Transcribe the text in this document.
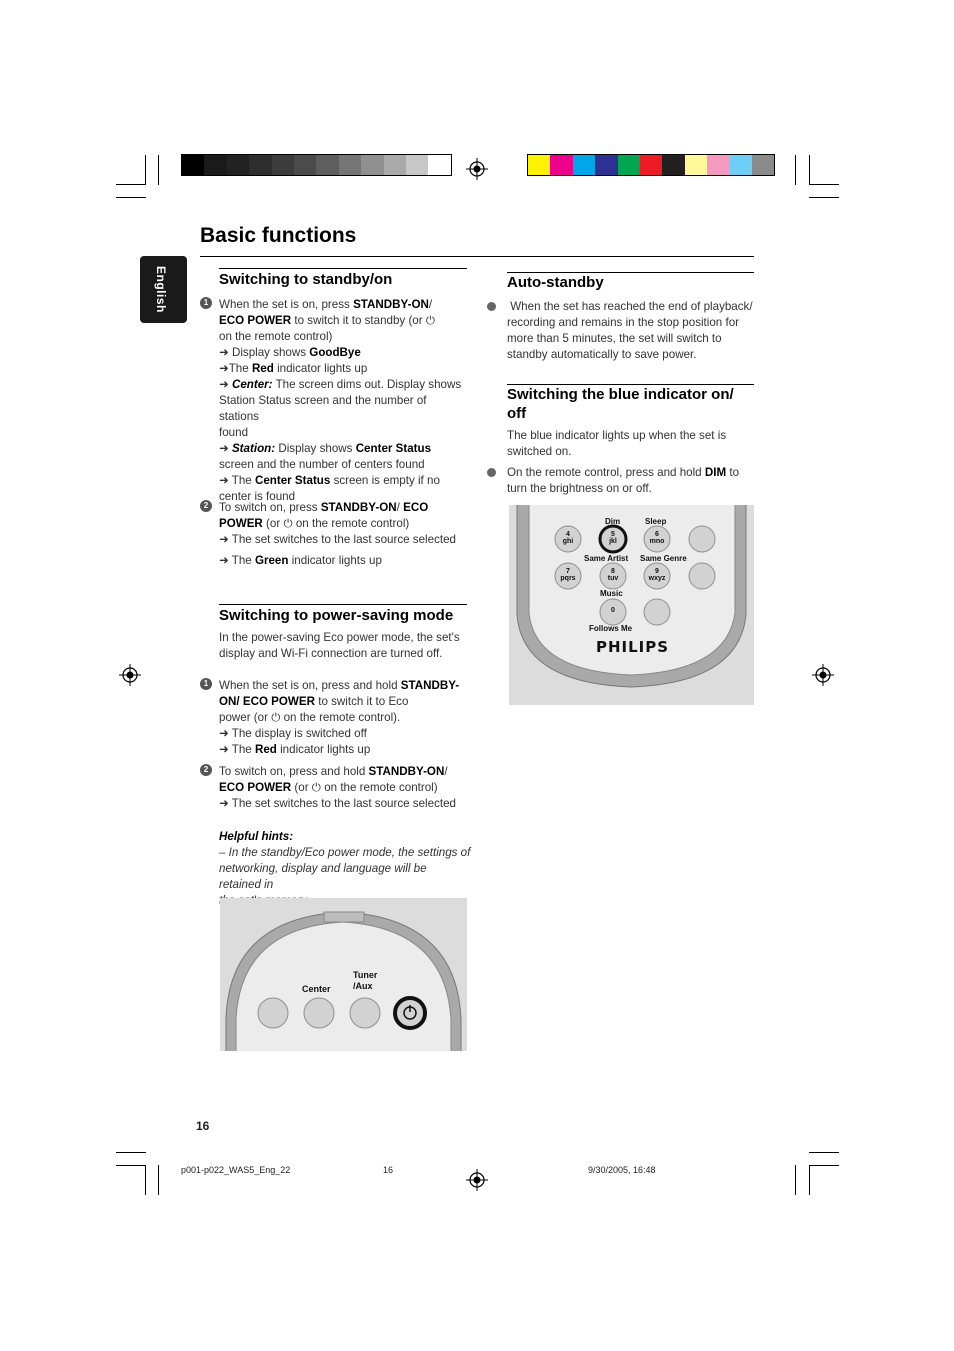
Basic functions
English	Switching to standby/on
1 When the set is on, press STANDBY-ON/
ECO POWER to switch it to standby (or ⏻
on the remote control)
➜ Display shows GoodBye
➜The Red indicator lights up
➜ Center: The screen dims out. Display shows
Station Status screen and the number of stations
found
➜ Station: Display shows Center Status
screen and the number of centers found
➜ The Center Status screen is empty if no
center is found
2 To switch on, press STANDBY-ON/ ECO
POWER (or ⏻ on the remote control)
➜ The set switches to the last source selected

➜ The Green indicator lights up
Switching to power-saving mode
In the power-saving Eco power mode, the set's
display and Wi-Fi connection are turned off.
1 When the set is on, press and hold STANDBY-
ON/ ECO POWER to switch it to Eco
power (or ⏻ on the remote control).
➜ The display is switched off
➜ The Red indicator lights up
2 To switch on, press and hold STANDBY-ON/
ECO POWER (or ⏻ on the remote control)
➜ The set switches to the last source selected
Helpful hints:
– In the standby/Eco power mode, the settings of
networking, display and language will be retained in

Center
Tuner
/Aux
Auto-standby
When the set has reached the end of playback/
recording and remains in the stop position for
more than 5 minutes, the set will switch to
standby automatically to save power.
Switching the blue indicator on/
off
The blue indicator lights up when the set is
switched on.
On the remote control, press and hold DIM to
turn the brightness on or off.
Dim	Sleep
4
ghi
5
jkl
6
mno
Same Artist Same Genre
7
pqrs
8
tuv
9
wxyz
Music
0
Follows Me
PHILIPS
16
p001-p022_WAS5_Eng_22	16	9/30/2005, 16:48
